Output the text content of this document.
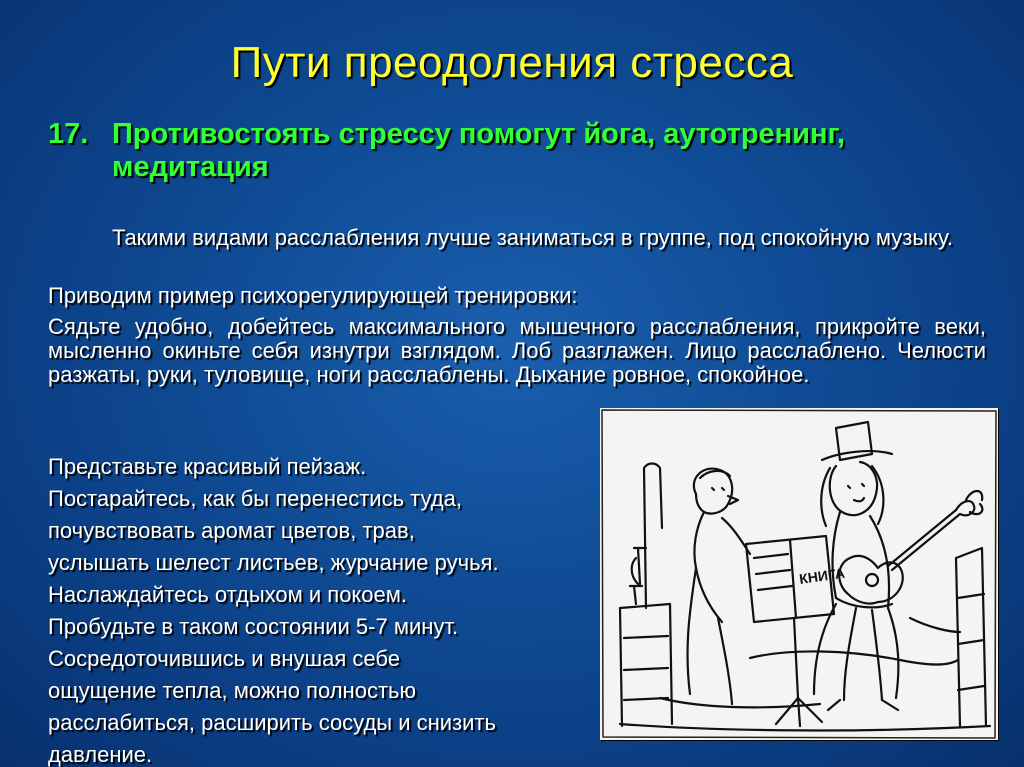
Пути преодоления стресса
17. Противостоять стрессу помогут йога, аутотренинг, медитация
Такими видами расслабления лучше заниматься в группе, под спокойную музыку.
Приводим пример психорегулирующей тренировки:
Сядьте удобно, добейтесь максимального мышечного расслабления, прикройте веки, мысленно окиньте себя изнутри взглядом. Лоб разглажен. Лицо расслаблено. Челюсти разжаты, руки, туловище, ноги расслаблены. Дыхание ровное, спокойное.
Представьте красивый пейзаж.
Постарайтесь, как бы перенестись туда,
почувствовать аромат цветов, трав,
услышать шелест листьев, журчание ручья.
Наслаждайтесь отдыхом и покоем.
Пробудьте в таком состоянии 5-7 минут.
Сосредоточившись и внушая себе
ощущение тепла, можно полностью
расслабиться, расширить сосуды и снизить
давление.
КНИГА
